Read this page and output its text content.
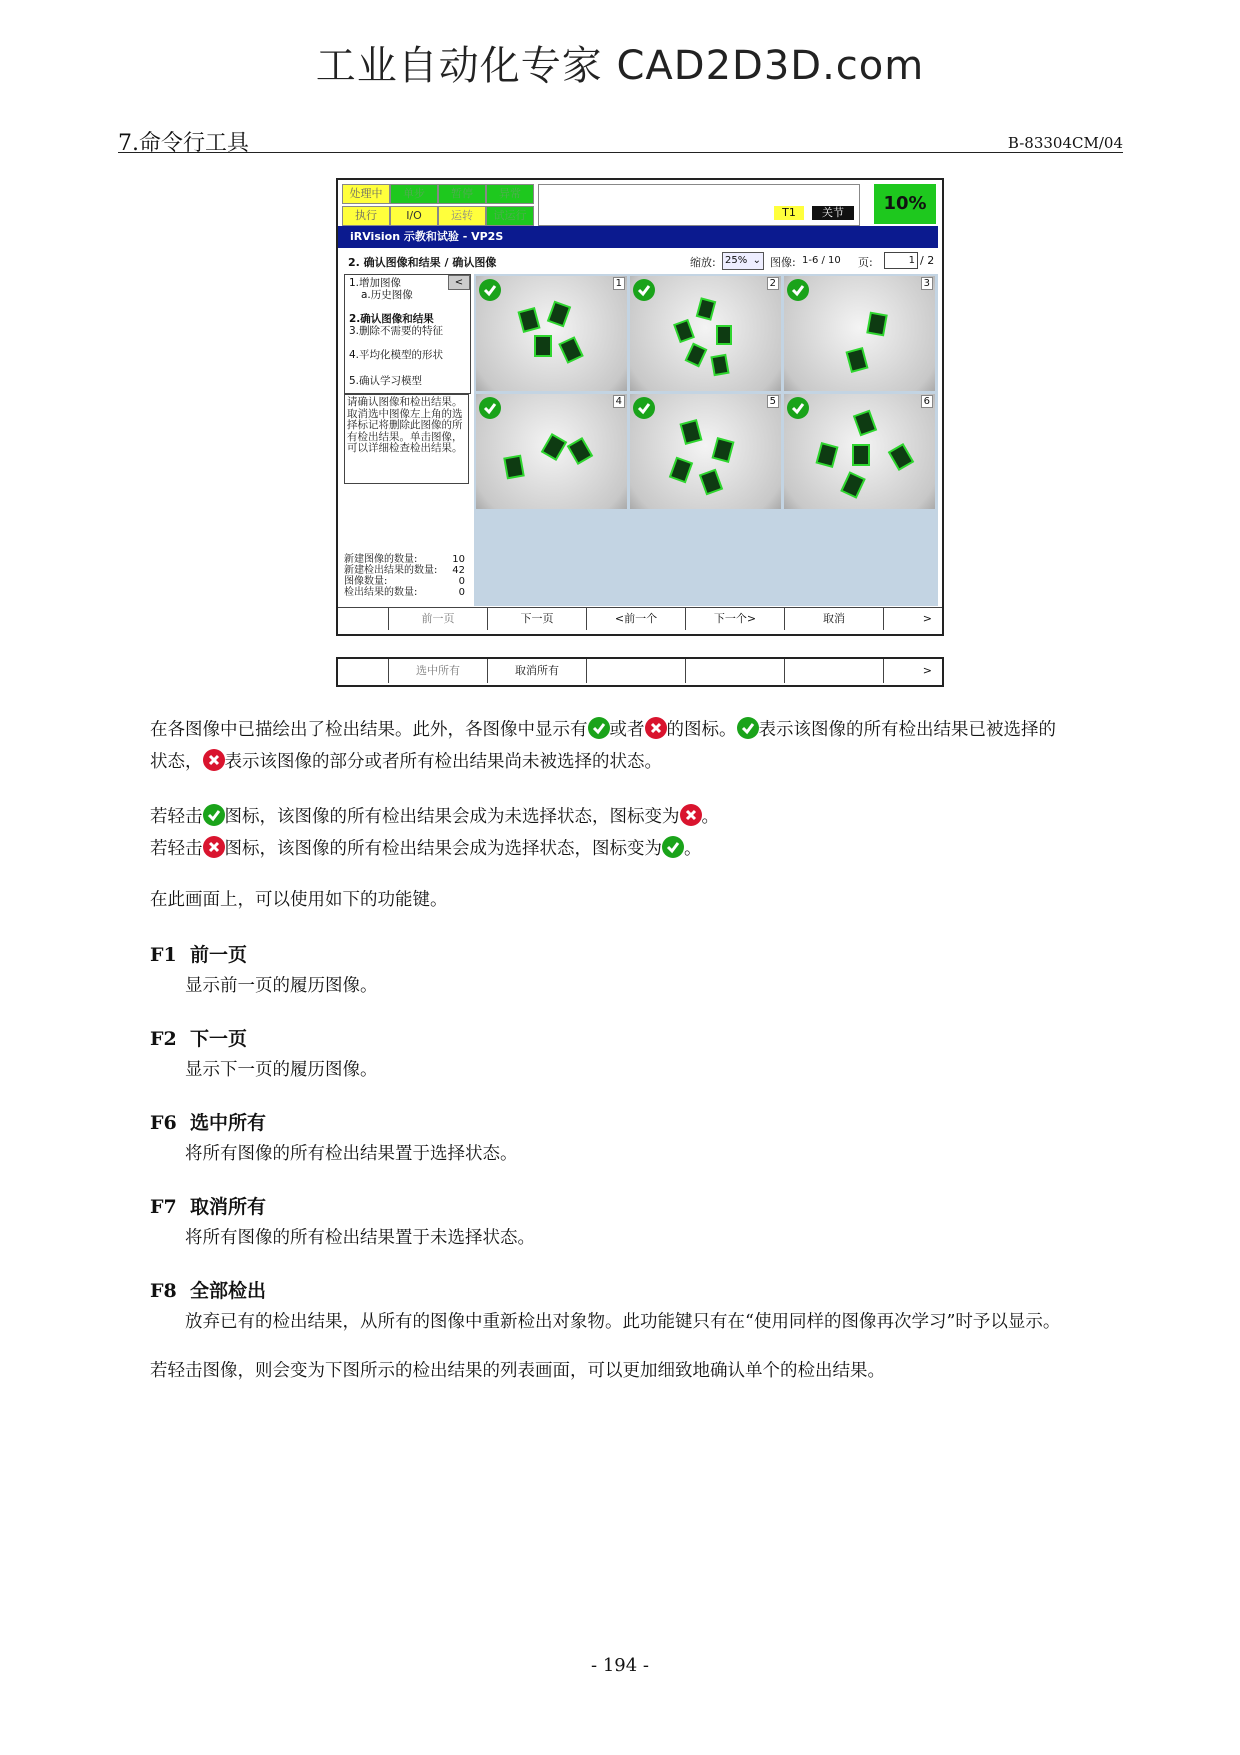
工业自动化专家 CAD2D3D.com
7.命令行工具	B-83304CM/04
处理中	单步	暂停	异常
执行	I/O	运转	试运行	T1	关节	10%
iRVision 示教和试验 - VP2S
2. 确认图像和结果 / 确认图像	缩放: 25% ⌄ 图像: 1-6 / 10 页:	1 / 2
<
1.增加图像
a.历史图像
2.确认图像和结果
3.删除不需要的特征
4.平均化模型的形状
5.确认学习模型
请确认图像和检出结果。取消选中图像左上角的选择标记将删除此图像的所有检出结果。单击图像，可以详细检查检出结果。
新建图像的数量:	10
新建检出结果的数量: 42
图像数量:	0
检出结果的数量:	0
1	2	3
4	5	6
前一页	下一页	<前一个	下一个>	取消	>
选中所有	取消所有	>
在各图像中已描绘出了检出结果。此外，各图像中显示有 或者 的图标。 表示该图像的所有检出结果已被选择的
状态， 表示该图像的部分或者所有检出结果尚未被选择的状态。
若轻击 图标，该图像的所有检出结果会成为未选择状态，图标变为 。
若轻击 图标，该图像的所有检出结果会成为选择状态，图标变为 。
在此画面上，可以使用如下的功能键。
F1 前一页
显示前一页的履历图像。
F2 下一页
显示下一页的履历图像。
F6 选中所有
将所有图像的所有检出结果置于选择状态。
F7 取消所有
将所有图像的所有检出结果置于未选择状态。
F8 全部检出
放弃已有的检出结果，从所有的图像中重新检出对象物。此功能键只有在“使用同样的图像再次学习”时予以显示。
若轻击图像，则会变为下图所示的检出结果的列表画面，可以更加细致地确认单个的检出结果。
- 194 -
